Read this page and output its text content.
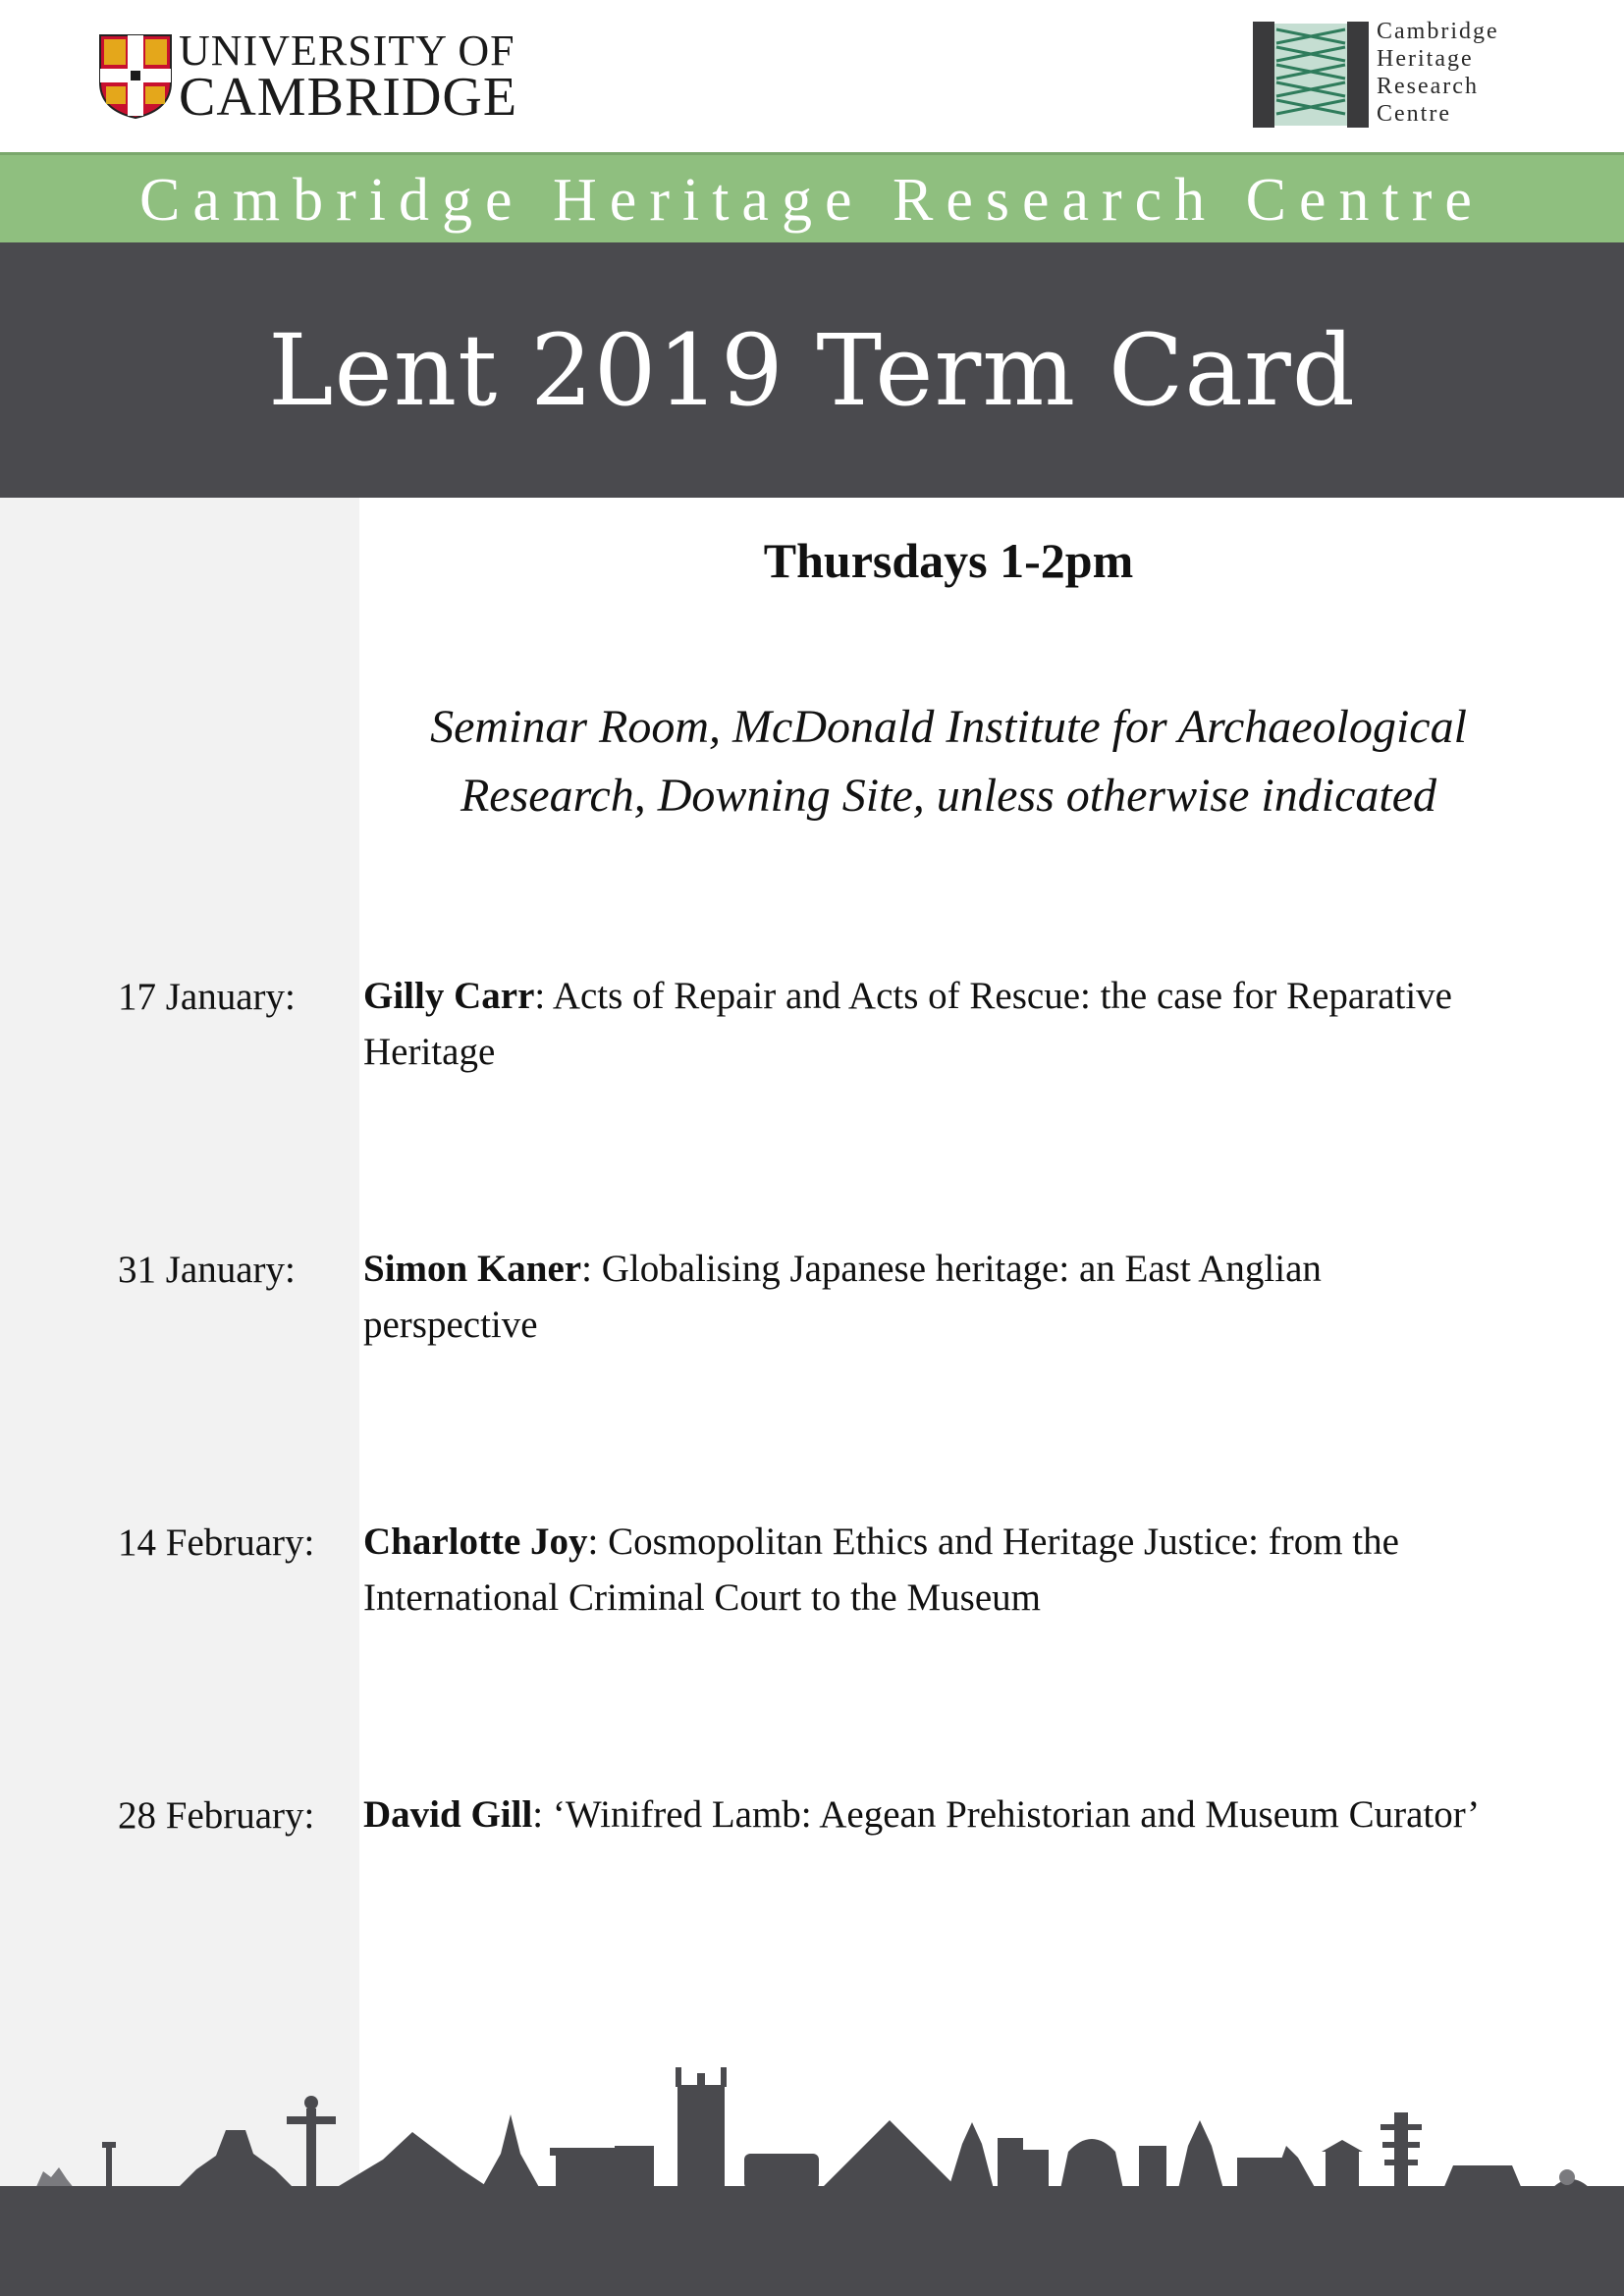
UNIVERSITY OF
CAMBRIDGE
Cambridge
Heritage
Research
Centre
Cambridge Heritage Research Centre
Lent 2019 Term Card
Thursdays 1-2pm
Seminar Room, McDonald Institute for Archaeological
Research, Downing Site, unless otherwise indicated
17 January: Gilly Carr: Acts of Repair and Acts of Rescue: the case for Reparative Heritage
31 January: Simon Kaner: Globalising Japanese heritage: an East Anglian perspective
14 February: Charlotte Joy: Cosmopolitan Ethics and Heritage Justice: from the International Criminal Court to the Museum
28 February: David Gill: ‘Winifred Lamb: Aegean Prehistorian and Museum Curator’
